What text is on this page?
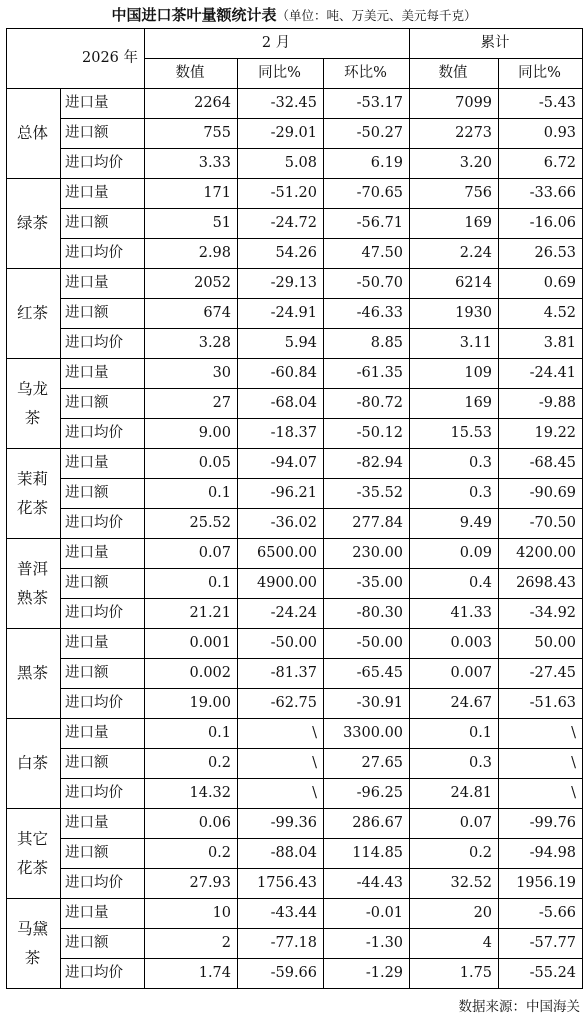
中国进口茶叶量额统计表（单位：吨、万美元、美元每千克）
2026 年		2 月			累计	
		数值	同比%	环比%	数值	同比%
总体	进口量	2264	-32.45	-53.17	7099	-5.43
	进口额	755	-29.01	-50.27	2273	0.93
	进口均价	3.33	5.08	6.19	3.20	6.72
绿茶	进口量	171	-51.20	-70.65	756	-33.66
	进口额	51	-24.72	-56.71	169	-16.06
	进口均价	2.98	54.26	47.50	2.24	26.53
红茶	进口量	2052	-29.13	-50.70	6214	0.69
	进口额	674	-24.91	-46.33	1930	4.52
	进口均价	3.28	5.94	8.85	3.11	3.81
乌龙
茶	进口量	30	-60.84	-61.35	109	-24.41
	进口额	27	-68.04	-80.72	169	-9.88
	进口均价	9.00	-18.37	-50.12	15.53	19.22
茉莉
花茶	进口量	0.05	-94.07	-82.94	0.3	-68.45
	进口额	0.1	-96.21	-35.52	0.3	-90.69
	进口均价	25.52	-36.02	277.84	9.49	-70.50
普洱
熟茶	进口量	0.07	6500.00	230.00	0.09	4200.00
	进口额	0.1	4900.00	-35.00	0.4	2698.43
	进口均价	21.21	-24.24	-80.30	41.33	-34.92
黑茶	进口量	0.001	-50.00	-50.00	0.003	50.00
	进口额	0.002	-81.37	-65.45	0.007	-27.45
	进口均价	19.00	-62.75	-30.91	24.67	-51.63
白茶	进口量	0.1	\	3300.00	0.1	\
	进口额	0.2	\	27.65	0.3	\
	进口均价	14.32	\	-96.25	24.81	\
其它
花茶	进口量	0.06	-99.36	286.67	0.07	-99.76
	进口额	0.2	-88.04	114.85	0.2	-94.98
	进口均价	27.93	1756.43	-44.43	32.52	1956.19
马黛
茶	进口量	10	-43.44	-0.01	20	-5.66
	进口额	2	-77.18	-1.30	4	-57.77
	进口均价	1.74	-59.66	-1.29	1.75	-55.24
数据来源：中国海关
